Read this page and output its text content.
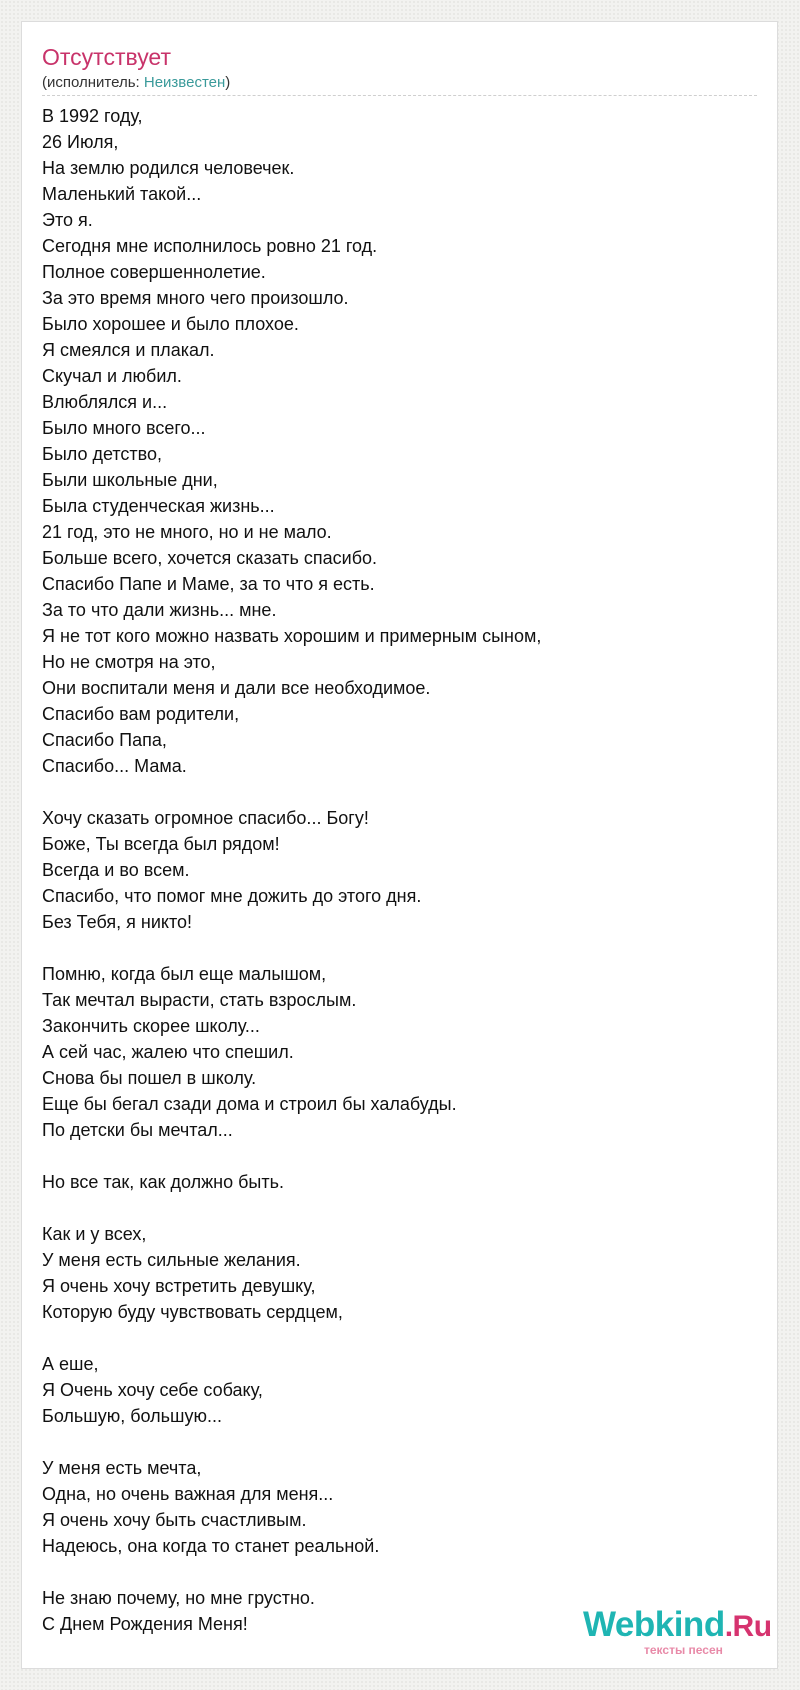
Отсутствует
(исполнитель: Неизвестен)
В 1992 году,
26 Июля,
На землю родился человечек.
Маленький такой...
Это я.
Сегодня мне исполнилось ровно 21 год.
Полное совершеннолетие.
За это время много чего произошло.
Было хорошее и было плохое.
Я смеялся и плакал.
Скучал и любил.
Влюблялся и...
Было много всего...
Было детство,
Были школьные дни,
Была студенческая жизнь...
21 год, это не много, но и не мало.
Больше всего, хочется сказать спасибо.
Спасибо Папе и Маме, за то что я есть.
За то что дали жизнь... мне.
Я не тот кого можно назвать хорошим и примерным сыном,
Но не смотря на это,
Они воспитали меня и дали все необходимое.
Спасибо вам родители,
Спасибо Папа,
Спасибо... Мама.
Хочу сказать огромное спасибо... Богу!
Боже, Ты всегда был рядом!
Всегда и во всем.
Спасибо, что помог мне дожить до этого дня.
Без Тебя, я никто!
Помню, когда был еще малышом,
Так мечтал вырасти, стать взрослым.
Закончить скорее школу...
А сей час, жалею что спешил.
Снова бы пошел в школу.
Еще бы бегал сзади дома и строил бы халабуды.
По детски бы мечтал...
Но все так, как должно быть.
Как и у всех,
У меня есть сильные желания.
Я очень хочу встретить девушку,
Которую буду чувствовать сердцем,
А еше,
Я Очень хочу себе собаку,
Большую, большую...
У меня есть мечта,
Одна, но очень важная для меня...
Я очень хочу быть счастливым.
Надеюсь, она когда то станет реальной.
Не знаю почему, но мне грустно.
С Днем Рождения Меня!	Webkind.Ru
тексты песен
